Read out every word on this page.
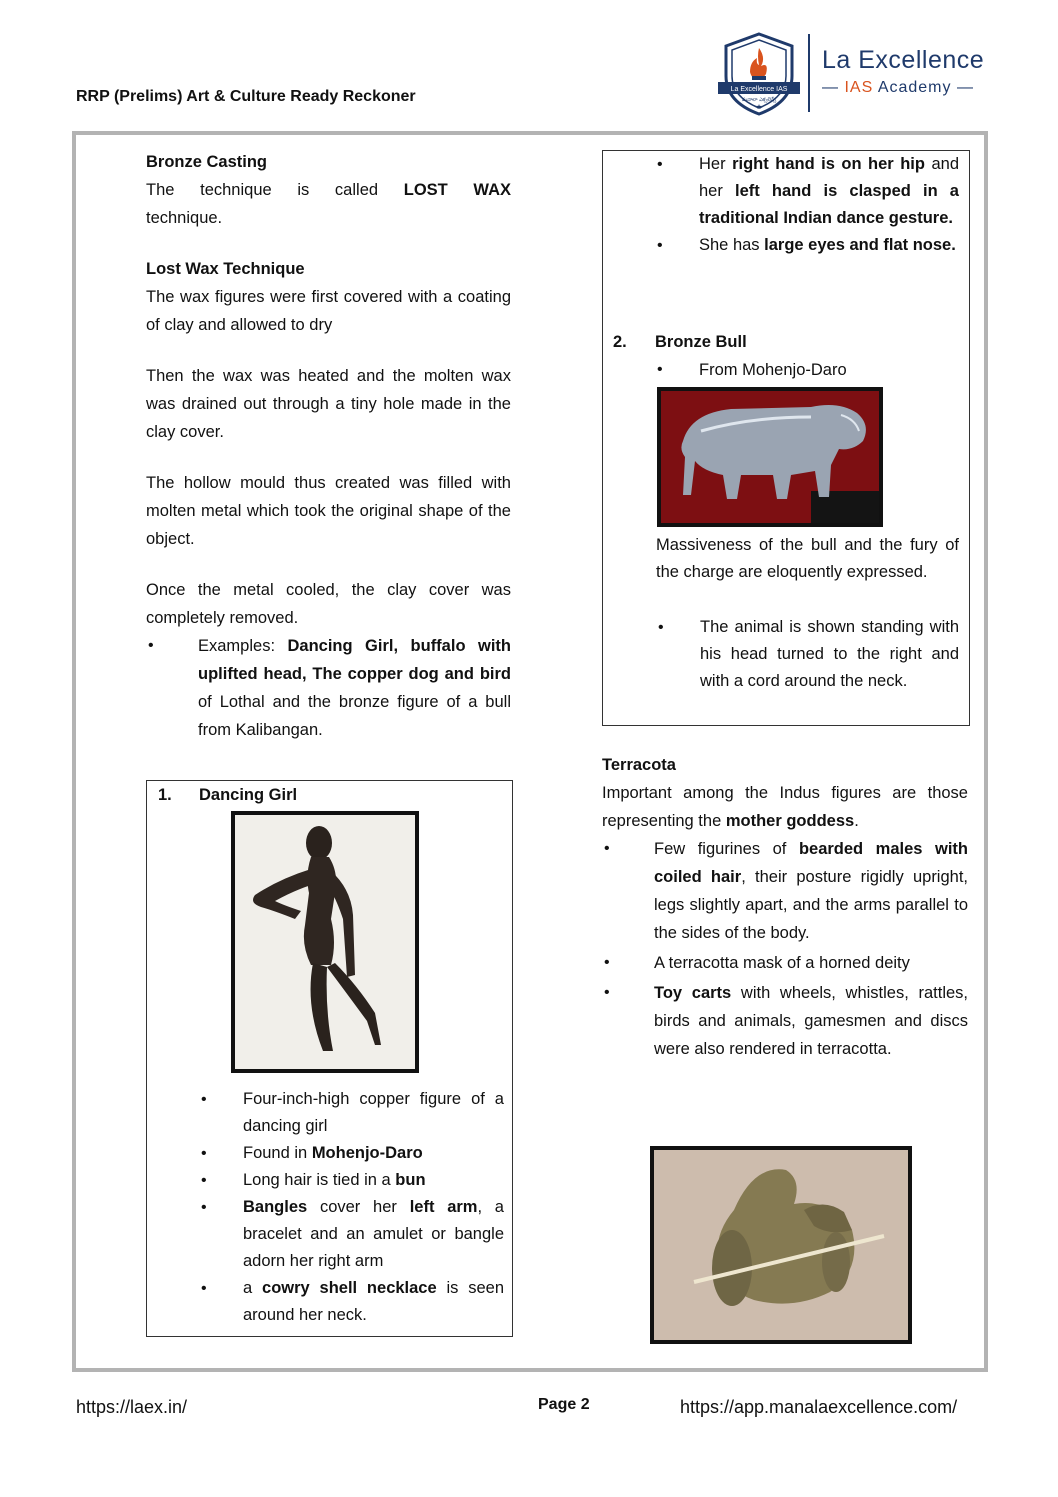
RRP (Prelims) Art & Culture Ready Reckoner	La Excellence IAS
మనాలా ఎక్సలెన్స్
★
La Excellence
— IAS Academy —

Bronze Casting

The technique is called LOST WAX

technique.

Lost Wax Technique

The wax figures were first covered with a coating of clay and allowed to dry

Then the wax was heated and the molten wax was drained out through a tiny hole made in the clay cover.

The hollow mould thus created was filled with molten metal which took the original shape of the object.

Once the metal cooled, the clay cover was completely removed.

• Examples: Dancing Girl, buffalo with uplifted head, The copper dog and bird of Lothal and the bronze figure of a bull from Kalibangan.
1. Dancing Girl
• Four-inch-high copper figure of a dancing girl
• Found in Mohenjo-Daro
• Long hair is tied in a bun
• Bangles cover her left arm, a bracelet and an amulet or bangle adorn her right arm
• a cowry shell necklace is seen around her neck.
• Her right hand is on her hip and her left hand is clasped in a traditional Indian dance gesture.
• She has large eyes and flat nose.
2. Bronze Bull
• From Mohenjo-Daro
Massiveness of the bull and the fury of the charge are eloquently expressed.
• The animal is shown standing with his head turned to the right and with a cord around the neck.

Terracota

Important among the Indus figures are those representing the mother goddess.

• Few figurines of bearded males with coiled hair, their posture rigidly upright, legs slightly apart, and the arms parallel to the sides of the body.
• A terracotta mask of a horned deity
• Toy carts with wheels, whistles, rattles, birds and animals, gamesmen and discs were also rendered in terracotta.
https://laex.in/	Page 2	https://app.manalaexcellence.com/
